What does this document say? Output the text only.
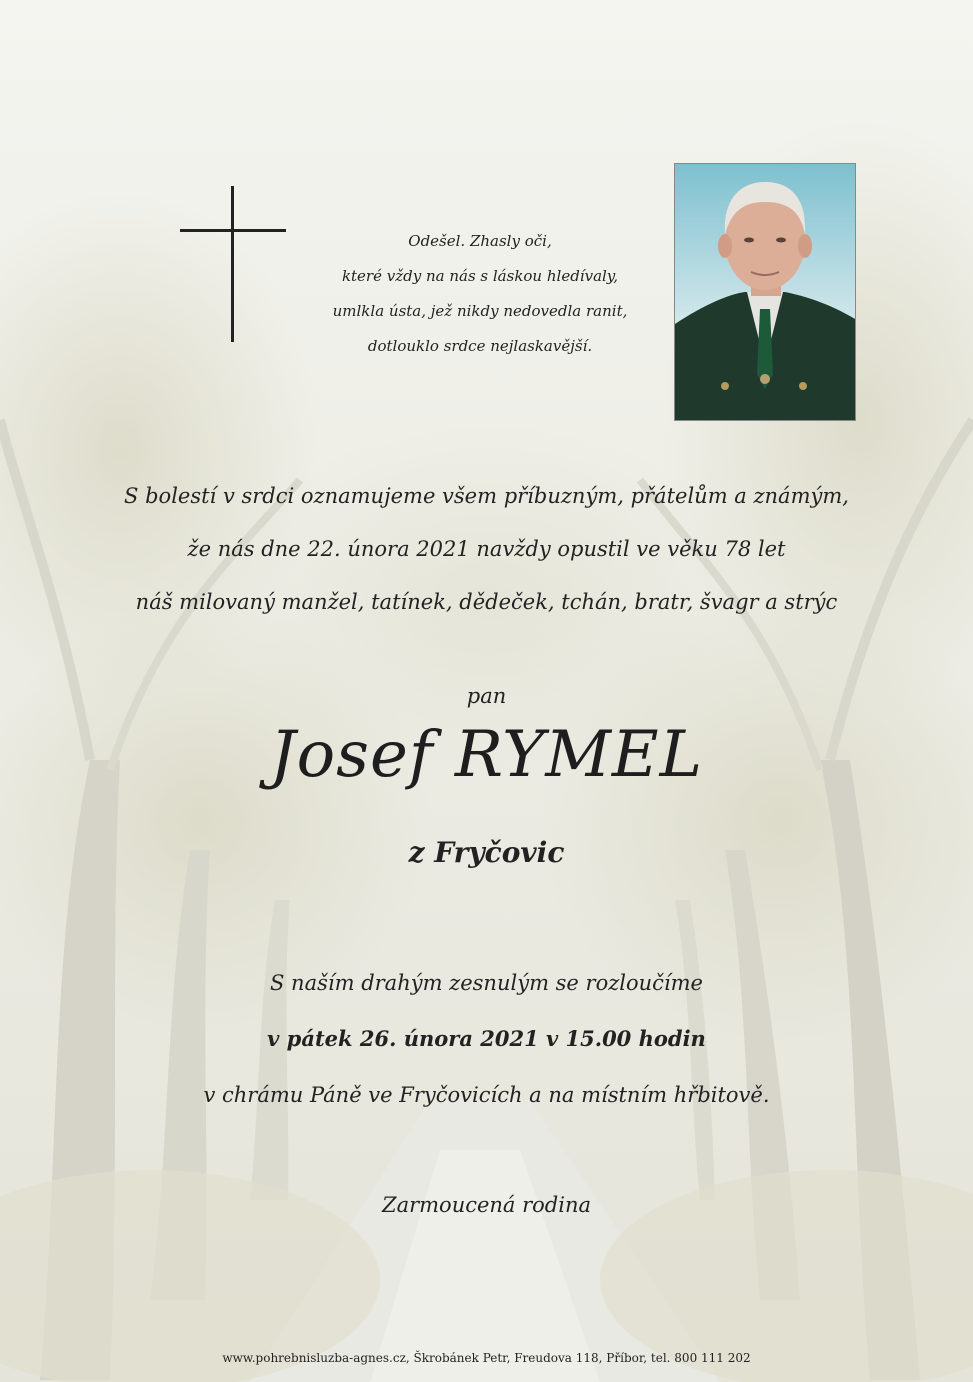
Odešel. Zhasly oči,
které vždy na nás s láskou hledívaly,
umlkla ústa, jež nikdy nedovedla ranit,
dotlouklo srdce nejlaskavější.
S bolestí v srdci oznamujeme všem příbuzným, přátelům a známým,
že nás dne 22. února 2021 navždy opustil ve věku 78 let
náš milovaný manžel, tatínek, dědeček, tchán, bratr, švagr a strýc
pan
Josef RYMEL
z Fryčovic
S naším drahým zesnulým se rozloučíme
v pátek 26. února 2021 v 15.00 hodin
v chrámu Páně ve Fryčovicích a na místním hřbitově.
Zarmoucená rodina
www.pohrebnisluzba-agnes.cz, Škrobánek Petr, Freudova 118, Příbor, tel. 800 111 202
